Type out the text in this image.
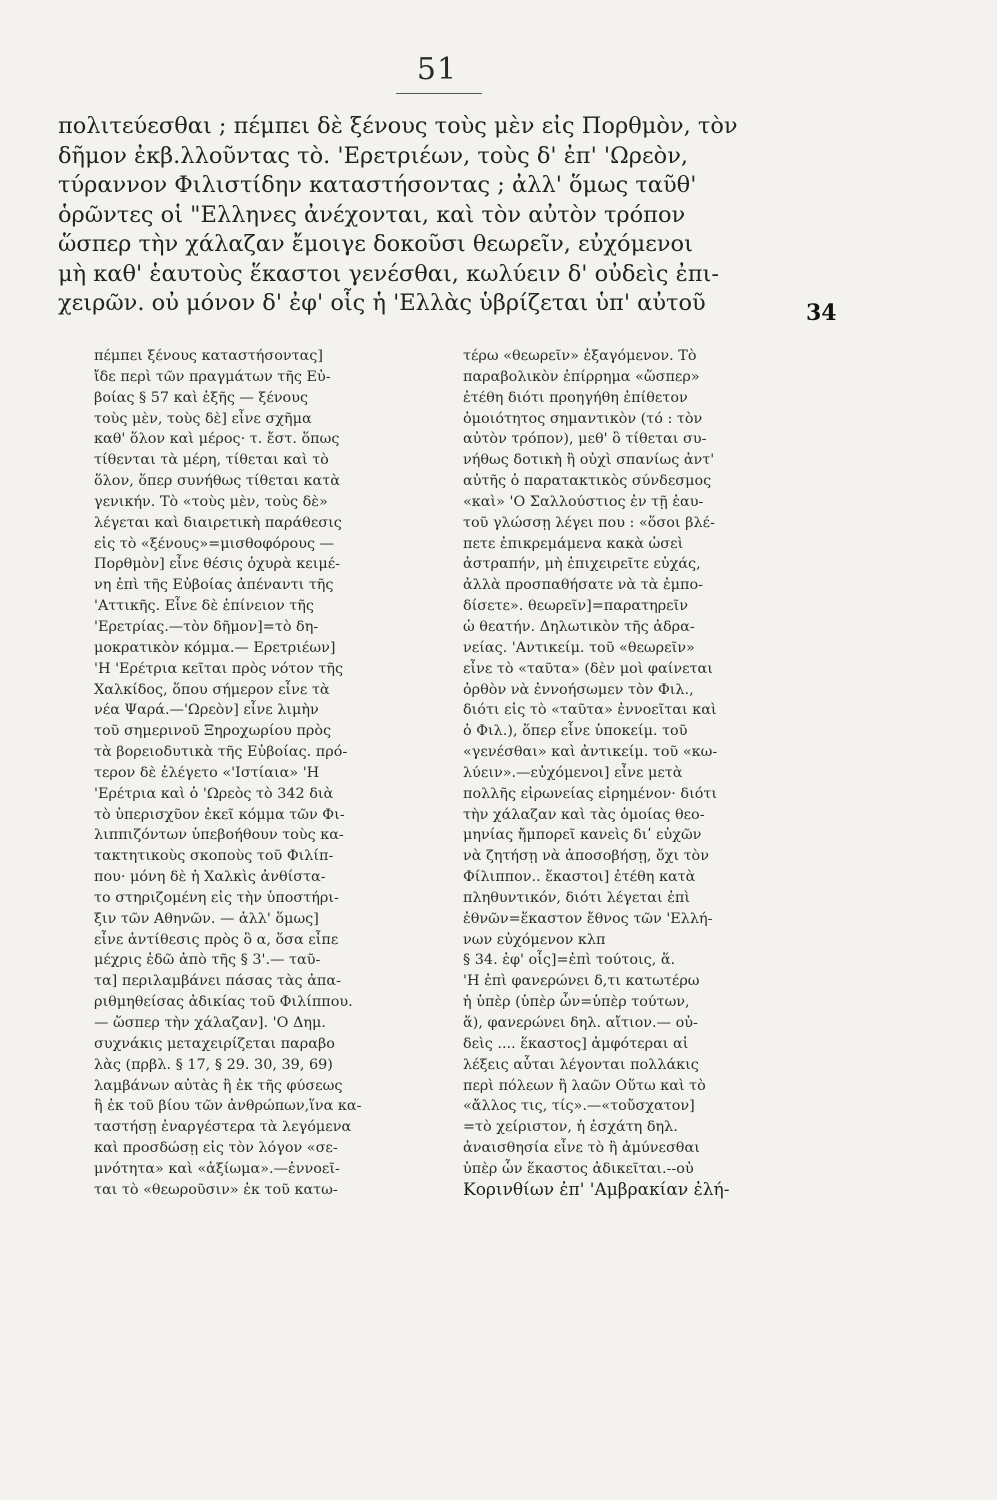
51
πολιτεύεσθαι ; πέμπει δὲ ξένους τοὺς μὲν εἰς Πορθμὸν, τὸν
δῆμον ἐκβ.λλοῦντας τὸ. 'Ερετριέων, τοὺς δ' ἐπ' 'Ωρεὸν,
τύραννον Φιλιστίδην καταστήσοντας ; ἀλλ' ὅμως ταῦθ'
ὁρῶντες οἱ "Ελληνες ἀνέχονται, καὶ τὸν αὐτὸν τρόπον
ὥσπερ τὴν χάλαζαν ἔμοιγε δοκοῦσι θεωρεῖν, εὐχόμενοι
μὴ καθ' ἑαυτοὺς ἕκαστοι γενέσθαι, κωλύειν δ' οὐδεὶς ἐπι-
χειρῶν. οὐ μόνον δ' ἐφ' οἷς ἡ 'Ελλὰς ὑβρίζεται ὑπ' αὐτοῦ	34
πέμπει ξένους καταστήσοντας]
ἴδε περὶ τῶν πραγμάτων τῆς Εὐ-
βοίας § 57 καὶ ἑξῆς — ξένους
τοὺς μὲν, τοὺς δὲ] εἶνε σχῆμα
καθ' ὅλον καὶ μέρος· τ. ἔστ. ὅπως
τίθενται τὰ μέρη, τίθεται καὶ τὸ
ὅλον, ὅπερ συνήθως τίθεται κατὰ
γενικήν. Τὸ «τοὺς μὲν, τοὺς δὲ»
λέγεται καὶ διαιρετικὴ παράθεσις
εἰς τὸ «ξένους»=μισθοφόρους —
Πορθμὸν] εἶνε θέσις ὀχυρὰ κειμέ-
νη ἐπὶ τῆς Εὐβοίας ἀπέναντι τῆς
'Αττικῆς. Εἶνε δὲ ἐπίνειον τῆς
'Ερετρίας.—τὸν δῆμον]=τὸ δη-
μοκρατικὸν κόμμα.— Ερετριέων]
'Η 'Ερέτρια κεῖται πρὸς νότον τῆς
Χαλκίδος, ὅπου σήμερον εἶνε τὰ
νέα Ψαρά.—'Ωρεὸν] εἶνε λιμὴν
τοῦ σημερινοῦ Ξηροχωρίου πρὸς
τὰ βορειοδυτικὰ τῆς Εὐβοίας. πρό-
τερον δὲ ἐλέγετο «'Ιστίαια» 'Η
'Ερέτρια καὶ ὁ 'Ωρεὸς τὸ 342 διὰ
τὸ ὑπερισχῦον ἐκεῖ κόμμα τῶν Φι-
λιππιζόντων ὑπεβοήθουν τοὺς κα-
τακτητικοὺς σκοποὺς τοῦ Φιλίπ-
που· μόνη δὲ ἡ Χαλκὶς ἀνθίστα-
το στηριζομένη εἰς τὴν ὑποστήρι-
ξιν τῶν Αθηνῶν. — ἀλλ' ὅμως]
εἶνε ἀντίθεσις πρὸς ὃ α, ὅσα εἶπε
μέχρις ἐδῶ ἀπὸ τῆς § 3'.— ταῦ-
τα] περιλαμβάνει πάσας τὰς ἀπα-
ριθμηθείσας ἀδικίας τοῦ Φιλίππου.
— ὥσπερ τὴν χάλαζαν]. 'Ο Δημ.
συχνάκις μεταχειρίζεται παραβο
λὰς (πρβλ. § 17, § 29. 30, 39, 69)
λαμβάνων αὐτὰς ἢ ἐκ τῆς φύσεως
ἢ ἐκ τοῦ βίου τῶν ἀνθρώπων,ἵνα κα-
ταστήσῃ ἐναργέστερα τὰ λεγόμενα
καὶ προσδώσῃ εἰς τὸν λόγον «σε-
μνότητα» καὶ «ἀξίωμα».—ἐννοεῖ-
ται τὸ «θεωροῦσιν» ἐκ τοῦ κατω-
τέρω «θεωρεῖν» ἐξαγόμενον. Τὸ
παραβολικὸν ἐπίρρημα «ὥσπερ»
ἐτέθη διότι προηγήθη ἐπίθετον
ὁμοιότητος σημαντικὸν (τό : τὸν
αὐτὸν τρόπον), μεθ' ὃ τίθεται συ-
νήθως δοτικὴ ἢ οὐχὶ σπανίως ἀντ'
αὐτῆς ὁ παρατακτικὸς σύνδεσμος
«καὶ» 'Ο Σαλλούστιος ἐν τῇ ἑαυ-
τοῦ γλώσσῃ λέγει που : «ὅσοι βλέ-
πετε ἐπικρεμάμενα κακὰ ὡσεὶ
ἀστραπήν, μὴ ἐπιχειρεῖτε εὐχάς,
ἀλλὰ προσπαθήσατε νὰ τὰ ἐμπο-
δίσετε». θεωρεῖν]=παρατηρεῖν
ὡ θεατήν. Δηλωτικὸν τῆς ἀδρα-
νείας. 'Αντικείμ. τοῦ «θεωρεῖν»
εἶνε τὸ «ταῦτα» (δὲν μοὶ φαίνεται
ὀρθὸν νὰ ἐννοήσωμεν τὸν Φιλ.,
διότι εἰς τὸ «ταῦτα» ἐννοεῖται καὶ
ὁ Φιλ.), ὅπερ εἶνε ὑποκείμ. τοῦ
«γενέσθαι» καὶ ἀντικείμ. τοῦ «κω-
λύειν».—εὐχόμενοι] εἶνε μετὰ
πολλῆς εἰρωνείας εἰρημένον· διότι
τὴν χάλαζαν καὶ τὰς ὁμοίας θεο-
μηνίας ἤμπορεῖ κανεὶς διʹ εὐχῶν
νὰ ζητήσῃ νὰ ἀποσοβήσῃ, ὄχι τὸν
Φίλιππον.. ἕκαστοι] ἐτέθη κατὰ
πληθυντικόν, διότι λέγεται ἐπὶ
ἐθνῶν=ἕκαστον ἔθνος τῶν 'Ελλή-
νων εὐχόμενον κλπ
§ 34. ἐφ' οἷς]=ἐπὶ τούτοις, ἅ.
'Η ἐπὶ φανερώνει δ,τι κατωτέρω
ἡ ὑπὲρ (ὑπὲρ ὧν=ὑπὲρ τούτων,
ἅ), φανερώνει δηλ. αἴτιον.— οὐ-
δεὶς .... ἕκαστος] ἀμφότεραι αἱ
λέξεις αὗται λέγονται πολλάκις
περὶ πόλεων ἢ λαῶν Οὕτω καὶ τὸ
«ἄλλος τις, τίς».—«τοὔσχατον]
=τὸ χείριστον, ἡ ἐσχάτη δηλ.
ἀναισθησία εἶνε τὸ ἢ ἀμύνεσθαι
ὑπὲρ ὧν ἕκαστος ἀδικεῖται.--οὐ
Κορινθίων ἐπ' 'Αμβρακίαν ἐλή-
